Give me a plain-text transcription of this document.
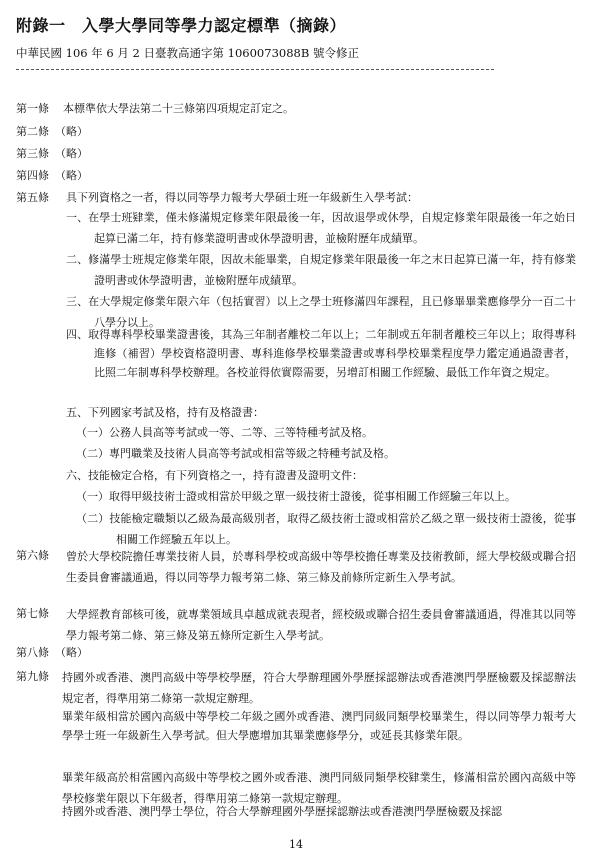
附錄一　入學大學同等學力認定標準（摘錄）
中華民國 106 年 6 月 2 日臺教高通字第 1060073088B 號令修正
第一條 本標準依大學法第二十三條第四項規定訂定之。
第二條 （略）
第三條 （略）
第四條 （略）
第五條 具下列資格之一者，得以同等學力報考大學碩士班一年級新生入學考試：
一、在學士班肄業，僅未修滿規定修業年限最後一年，因故退學或休學，自規定修業年限最後一年之始日起算已滿二年，持有修業證明書或休學證明書，並檢附歷年成績單。
二、修滿學士班規定修業年限，因故未能畢業，自規定修業年限最後一年之末日起算已滿一年，持有修業證明書或休學證明書，並檢附歷年成績單。
三、在大學規定修業年限六年（包括實習）以上之學士班修滿四年課程，且已修畢畢業應修學分一百二十八學分以上。
四、取得專科學校畢業證書後，其為三年制者離校二年以上；二年制或五年制者離校三年以上；取得專科進修（補習）學校資格證明書、專科進修學校畢業證書或專科學校畢業程度學力鑑定通過證書者，比照二年制專科學校辦理。各校並得依實際需要，另增訂相關工作經驗、最低工作年資之規定。
五、下列國家考試及格，持有及格證書：
（一）公務人員高等考試或一等、二等、三等特種考試及格。
（二）專門職業及技術人員高等考試或相當等級之特種考試及格。
六、技能檢定合格，有下列資格之一，持有證書及證明文件：
（一）取得甲級技術士證或相當於甲級之單一級技術士證後，從事相關工作經驗三年以上。
（二）技能檢定職類以乙級為最高級別者，取得乙級技術士證或相當於乙級之單一級技術士證後，從事相關工作經驗五年以上。
第六條 曾於大學校院擔任專業技術人員，於專科學校或高級中等學校擔任專業及技術教師，經大學校級或聯合招生委員會審議通過，得以同等學力報考第二條、第三條及前條所定新生入學考試。
第七條 大學經教育部核可後，就專業領域具卓越成就表現者，經校級或聯合招生委員會審議通過，得准其以同等學力報考第二條、第三條及第五條所定新生入學考試。
第八條 （略）
第九條 持國外或香港、澳門高級中等學校學歷，符合大學辦理國外學歷採認辦法或香港澳門學歷檢覈及採認辦法規定者，得準用第二條第一款規定辦理。
畢業年級相當於國內高級中等學校二年級之國外或香港、澳門同級同類學校畢業生，得以同等學力報考大學學士班一年級新生入學考試。但大學應增加其畢業應修學分，或延長其修業年限。
畢業年級高於相當國內高級中等學校之國外或香港、澳門同級同類學校肄業生，修滿相當於國內高級中等學校修業年限以下年級者，得準用第二條第一款規定辦理。
持國外或香港、澳門學士學位，符合大學辦理國外學歷採認辦法或香港澳門學歷檢覈及採認
14
